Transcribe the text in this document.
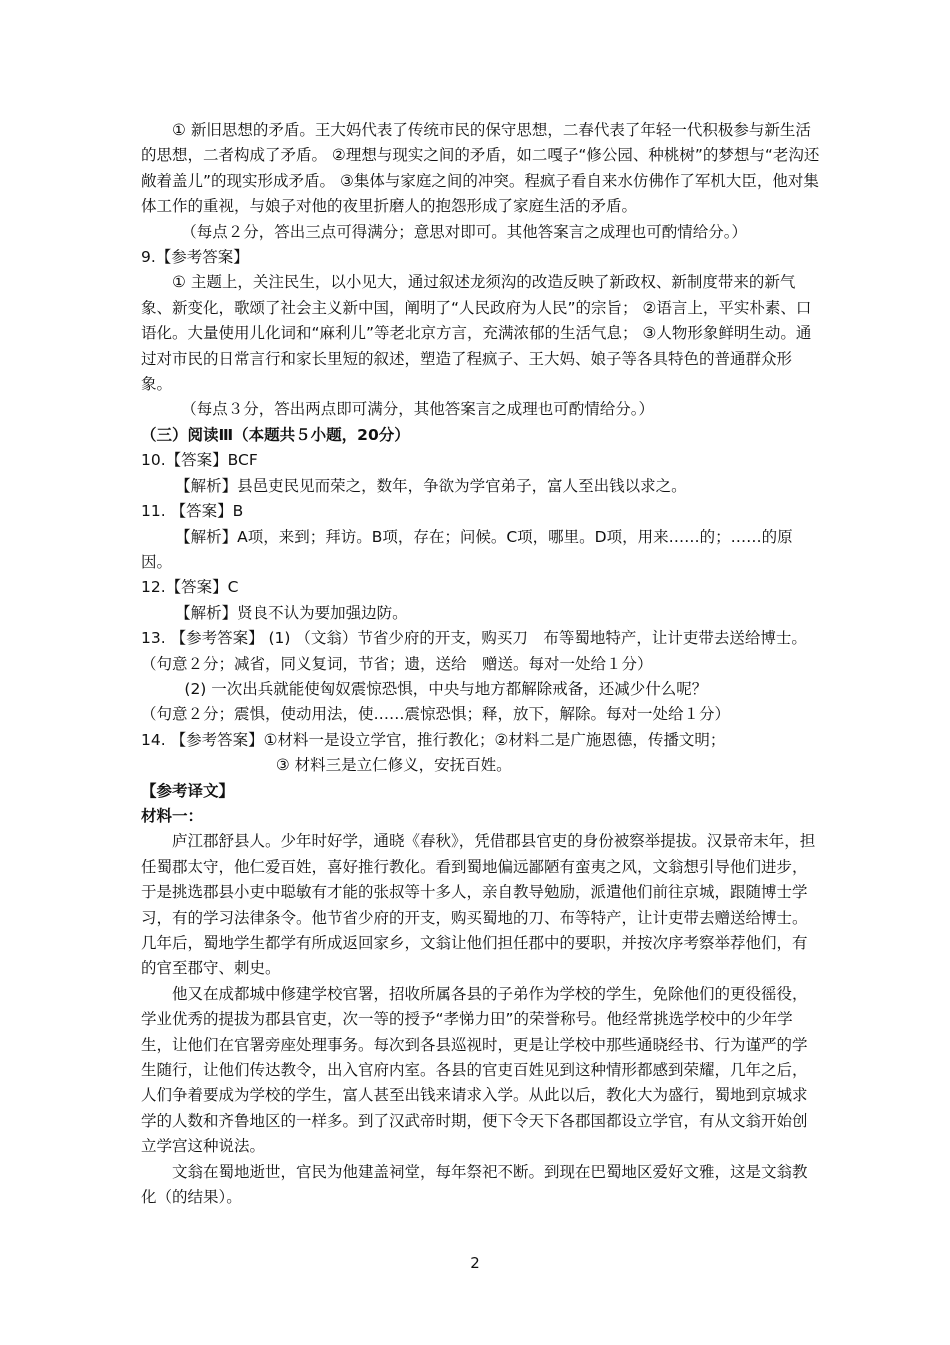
① 新旧思想的矛盾。王大妈代表了传统市民的保守思想，二春代表了年轻一代积极参与新生活的思想，二者构成了矛盾。 ②理想与现实之间的矛盾，如二嘎子“修公园、种桃树”的梦想与“老沟还敞着盖儿”的现实形成矛盾。 ③集体与家庭之间的冲突。程疯子看自来水仿佛作了军机大臣，他对集体工作的重视，与娘子对他的夜里折磨人的抱怨形成了家庭生活的矛盾。

（每点２分，答出三点可得满分；意思对即可。其他答案言之成理也可酌情给分。）

9.【参考答案】

① 主题上，关注民生，以小见大，通过叙述龙须沟的改造反映了新政权、新制度带来的新气象、新变化，歌颂了社会主义新中国，阐明了“人民政府为人民”的宗旨； ②语言上，平实朴素、口语化。大量使用儿化词和“麻利儿”等老北京方言，充满浓郁的生活气息； ③人物形象鲜明生动。通过对市民的日常言行和家长里短的叙述，塑造了程疯子、王大妈、娘子等各具特色的普通群众形象。

（每点３分，答出两点即可满分，其他答案言之成理也可酌情给分。）

（三）阅读Ⅲ（本题共５小题，20分）

10.【答案】BCF

【解析】县邑吏民见而荣之，数年，争欲为学官弟子，富人至出钱以求之。

11. 【答案】B

【解析】A项，来到；拜访。B项，存在；问候。C项，哪里。D项，用来……的；……的原因。

12.【答案】C

【解析】贤良不认为要加强边防。

13. 【参考答案】 (1) （文翁）节省少府的开支，购买刀　布等蜀地特产，让计吏带去送给博士。（句意２分；减省，同义复词，节省；遗，送给　赠送。每对一处给１分）

(2) 一次出兵就能使匈奴震惊恐惧，中央与地方都解除戒备，还减少什么呢？

（句意２分；震惧，使动用法，使……震惊恐惧；释，放下，解除。每对一处给１分）

14. 【参考答案】①材料一是设立学官，推行教化；②材料二是广施恩德，传播文明；

③ 材料三是立仁修义，安抚百姓。

【参考译文】

材料一：

庐江郡舒县人。少年时好学，通晓《春秋》，凭借郡县官吏的身份被察举提拔。汉景帝末年，担任蜀郡太守，他仁爱百姓，喜好推行教化。看到蜀地偏远鄙陋有蛮夷之风，文翁想引导他们进步，于是挑选郡县小吏中聪敏有才能的张叔等十多人，亲自教导勉励，派遣他们前往京城，跟随博士学习，有的学习法律条令。他节省少府的开支，购买蜀地的刀、布等特产，让计吏带去赠送给博士。几年后，蜀地学生都学有所成返回家乡，文翁让他们担任郡中的要职，并按次序考察举荐他们，有的官至郡守、刺史。

他又在成都城中修建学校官署，招收所属各县的子弟作为学校的学生，免除他们的更役徭役，学业优秀的提拔为郡县官吏，次一等的授予“孝悌力田”的荣誉称号。他经常挑选学校中的少年学生，让他们在官署旁座处理事务。每次到各县巡视时，更是让学校中那些通晓经书、行为谨严的学生随行，让他们传达教令，出入官府内室。各县的官吏百姓见到这种情形都感到荣耀，几年之后，人们争着要成为学校的学生，富人甚至出钱来请求入学。从此以后，教化大为盛行，蜀地到京城求学的人数和齐鲁地区的一样多。到了汉武帝时期，便下令天下各郡国都设立学官，有从文翁开始创立学宫这种说法。

文翁在蜀地逝世，官民为他建盖祠堂，每年祭祀不断。到现在巴蜀地区爱好文雅，这是文翁教化（的结果）。

2
